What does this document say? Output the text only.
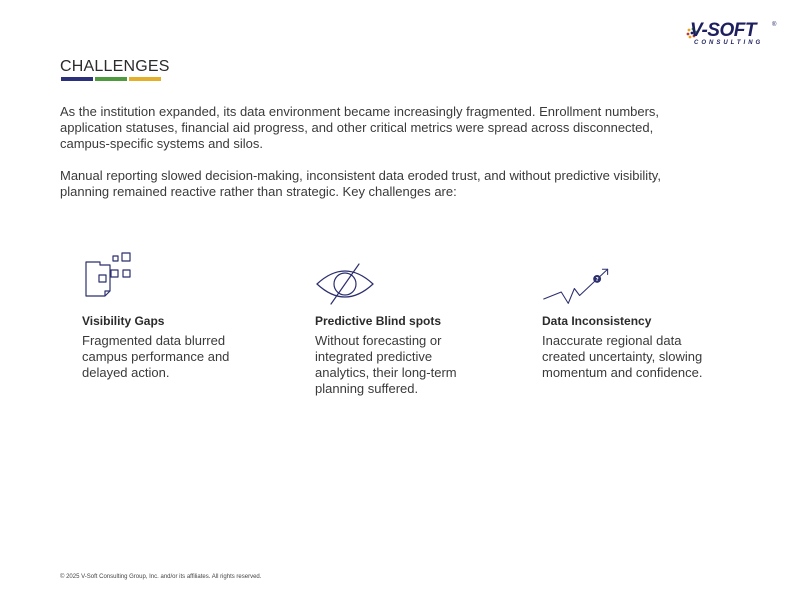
V-SOFT	®
CONSULTING
CHALLENGES

As the institution expanded, its data environment became increasingly fragmented. Enrollment numbers, application statuses, financial aid progress, and other critical metrics were spread across disconnected, campus-specific systems and silos.

Manual reporting slowed decision-making, inconsistent data eroded trust, and without predictive visibility, planning remained reactive rather than strategic. Key challenges are:

Visibility Gaps

Fragmented data blurred campus performance and delayed action.

Predictive Blind spots

Without forecasting or integrated predictive analytics, their long-term planning suffered.

?
Data Inconsistency

Inaccurate regional data created uncertainty, slowing momentum and confidence.

© 2025 V-Soft Consulting Group, Inc. and/or its affiliates. All rights reserved.
